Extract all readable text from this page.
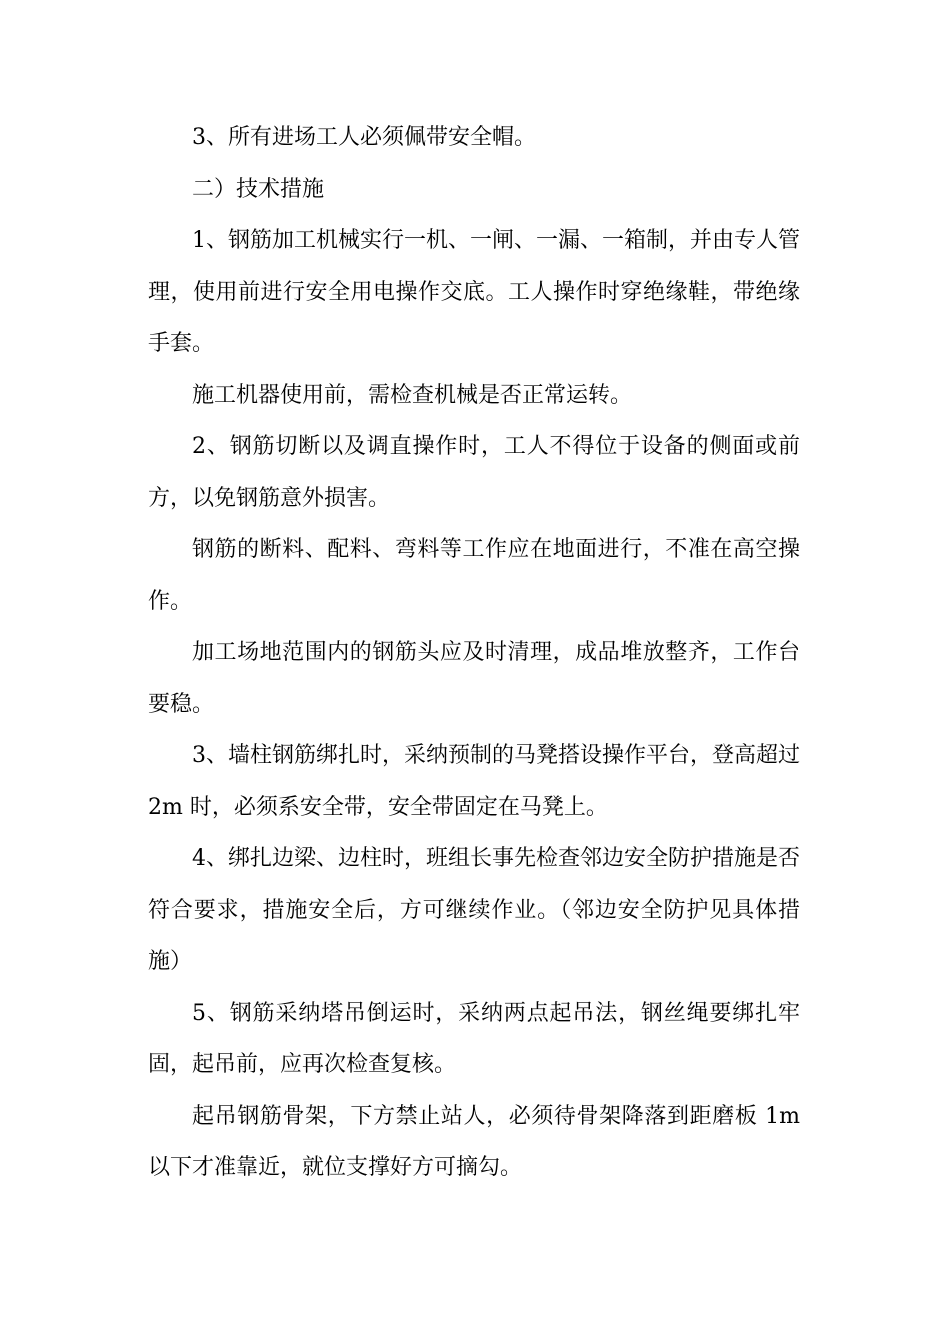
3、所有进场工人必须佩带安全帽。

二）技术措施

1、钢筋加工机械实行一机、一闸、一漏、一箱制，并由专人管理，使用前进行安全用电操作交底。工人操作时穿绝缘鞋，带绝缘手套。

施工机器使用前，需检查机械是否正常运转。

2、钢筋切断以及调直操作时，工人不得位于设备的侧面或前方，以免钢筋意外损害。

钢筋的断料、配料、弯料等工作应在地面进行，不准在高空操作。

加工场地范围内的钢筋头应及时清理，成品堆放整齐，工作台要稳。

3、墙柱钢筋绑扎时，采纳预制的马凳搭设操作平台，登高超过 2m 时，必须系安全带，安全带固定在马凳上。

4、绑扎边梁、边柱时，班组长事先检查邻边安全防护措施是否符合要求，措施安全后，方可继续作业。（邻边安全防护见具体措施）

5、钢筋采纳塔吊倒运时，采纳两点起吊法，钢丝绳要绑扎牢固，起吊前，应再次检查复核。

起吊钢筋骨架，下方禁止站人，必须待骨架降落到距磨板 1m 以下才准靠近，就位支撑好方可摘勾。
